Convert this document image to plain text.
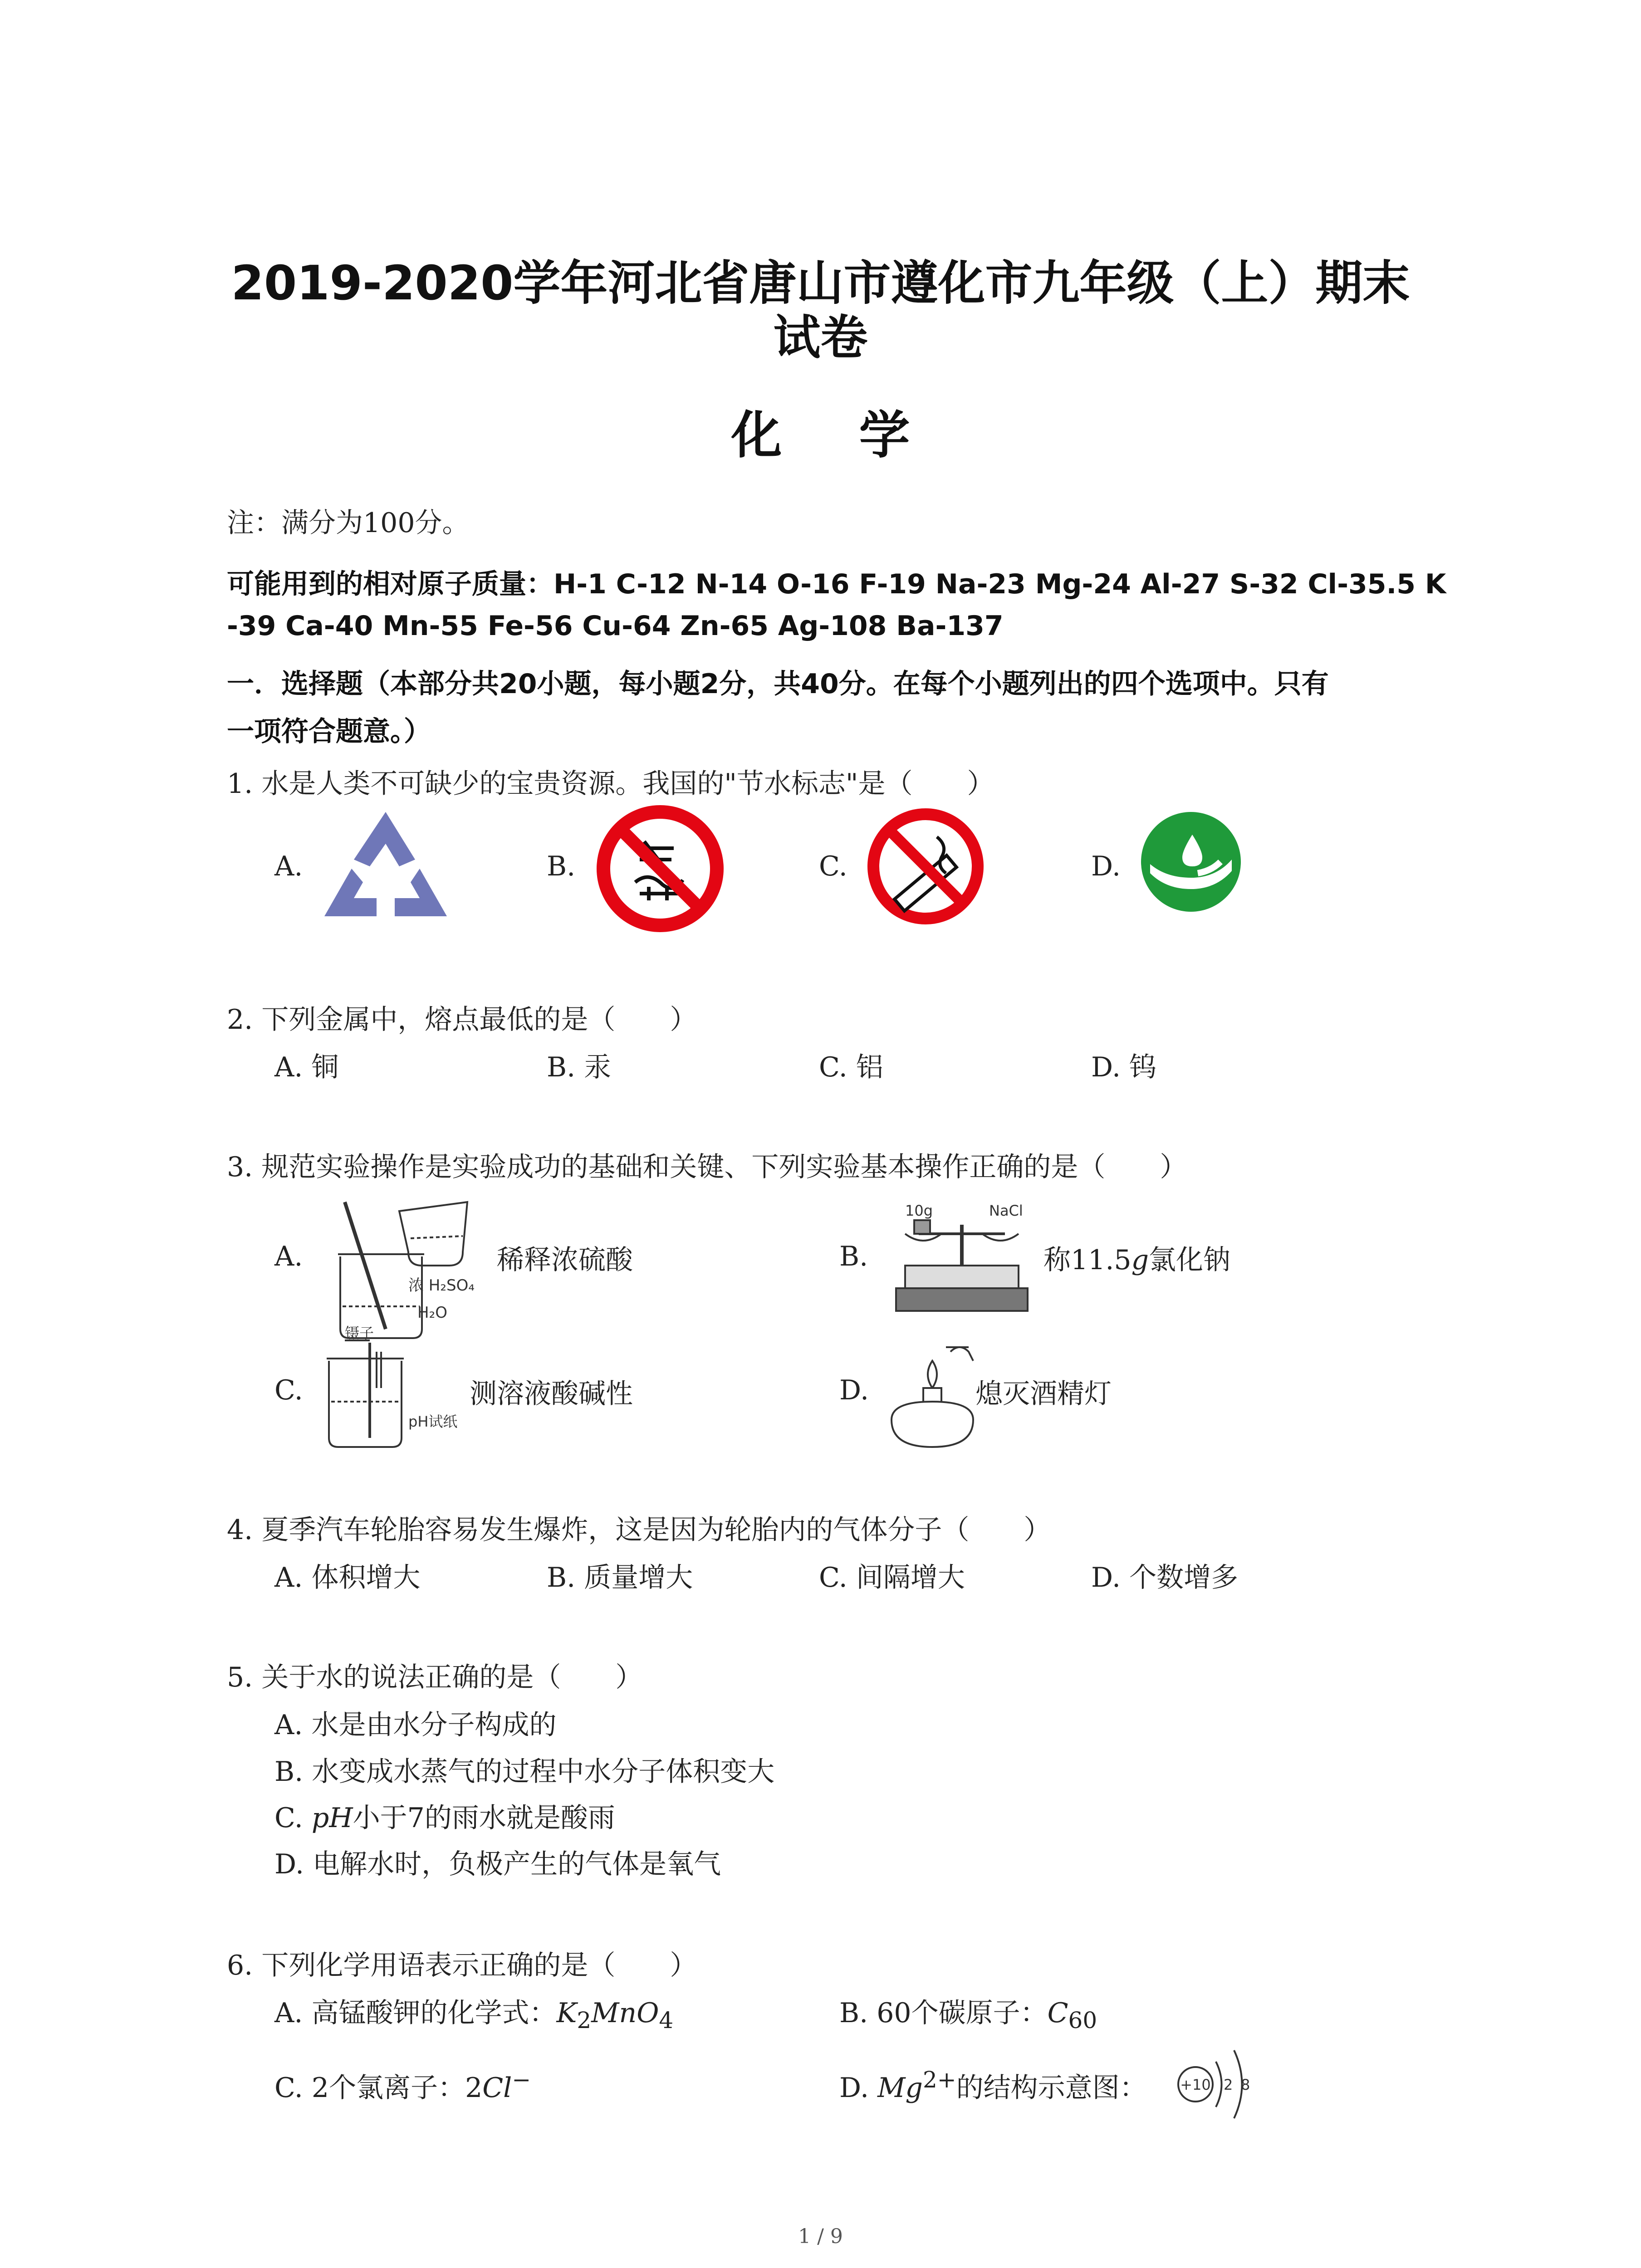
2019-2020学年河北省唐山市遵化市九年级（上）期末
试卷
化学
注：满分为100分。
可能用到的相对原子质量：H-1 C-12 N-14 O-16 F-19 Na-23 Mg-24 Al-27 S-32 Cl-35.5 K
-39 Ca-40 Mn-55 Fe-56 Cu-64 Zn-65 Ag-108 Ba-137
一．选择题（本部分共20小题，每小题2分，共40分。在每个小题列出的四个选项中。只有
一项符合题意。）
1. 水是人类不可缺少的宝贵资源。我国的"节水标志"是（　　）
A.	B.	C.	D.
2. 下列金属中，熔点最低的是（　　）
A. 铜	B. 汞	C. 铝	D. 钨
3. 规范实验操作是实验成功的基础和关键、下列实验基本操作正确的是（　　）
A.
浓 H₂SO₄
H₂O
稀释浓硫酸	B.
10g	NaCl
称11.5g氯化钠
C.
镊子
pH试纸
测溶液酸碱性	D.	熄灭酒精灯
4. 夏季汽车轮胎容易发生爆炸，这是因为轮胎内的气体分子（　　）
A. 体积增大	B. 质量增大	C. 间隔增大	D. 个数增多
5. 关于水的说法正确的是（　　）
A. 水是由水分子构成的
B. 水变成水蒸气的过程中水分子体积变大
C. pH小于7的雨水就是酸雨
D. 电解水时，负极产生的气体是氧气
6. 下列化学用语表示正确的是（　　）
A. 高锰酸钾的化学式：$K_2MnO_4$	B. 60个碳原子：$C_{60}$
C. 2个氯离子：2Cl−	D. $Mg^{2+}$的结构示意图： +10 2 8
1 / 9
